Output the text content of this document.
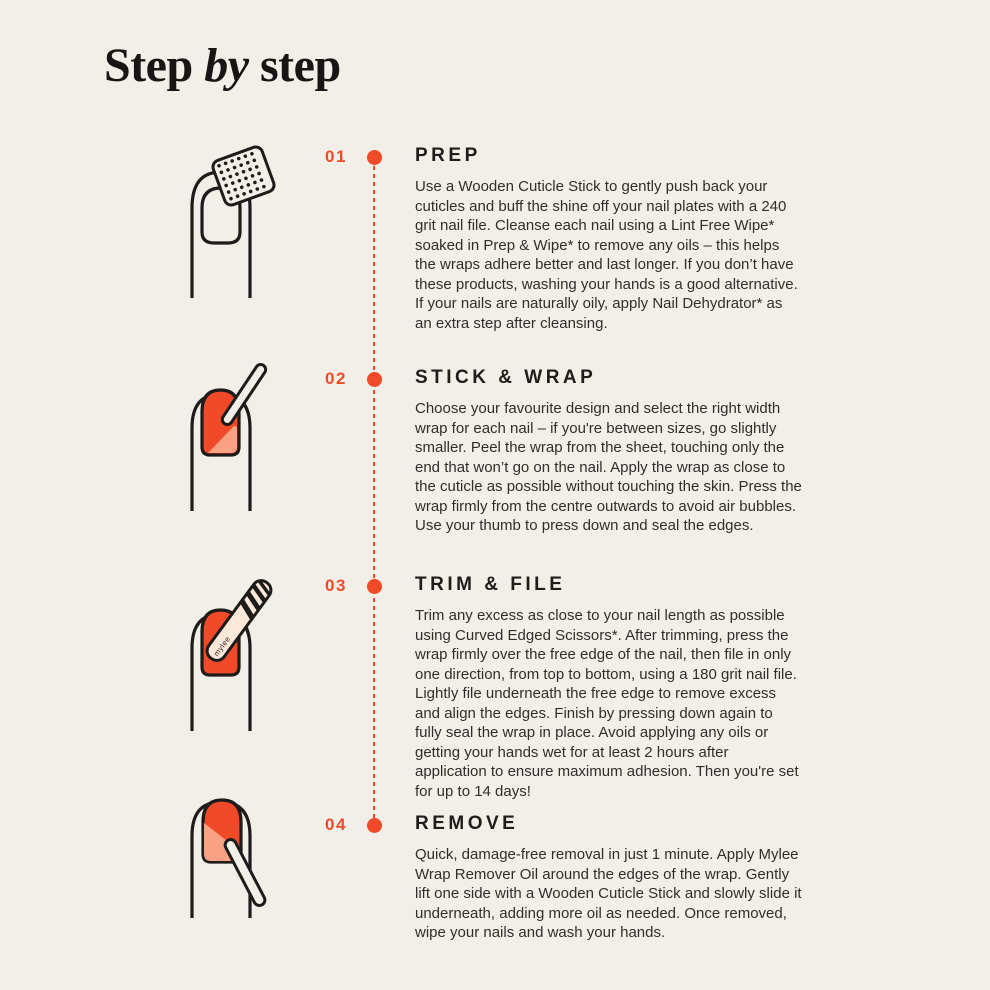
Step by step

01

02

03

04

PREP

Use a Wooden Cuticle Stick to gently push back your cuticles and buff the shine off your nail plates with a 240 grit nail file. Cleanse each nail using a Lint Free Wipe* soaked in Prep & Wipe* to remove any oils – this helps the wraps adhere better and last longer. If you don’t have these products, washing your hands is a good alternative. If your nails are naturally oily, apply Nail Dehydrator* as an extra step after cleansing.

STICK & WRAP

Choose your favourite design and select the right width wrap for each nail – if you're between sizes, go slightly smaller. Peel the wrap from the sheet, touching only the end that won’t go on the nail. Apply the wrap as close to the cuticle as possible without touching the skin. Press the wrap firmly from the centre outwards to avoid air bubbles. Use your thumb to press down and seal the edges.

TRIM & FILE

Trim any excess as close to your nail length as possible using Curved Edged Scissors*. After trimming, press the wrap firmly over the free edge of the nail, then file in only one direction, from top to bottom, using a 180 grit nail file. Lightly file underneath the free edge to remove excess and align the edges. Finish by pressing down again to fully seal the wrap in place. Avoid applying any oils or getting your hands wet for at least 2 hours after application to ensure maximum adhesion. Then you're set for up to 14 days!

REMOVE

Quick, damage-free removal in just 1 minute. Apply Mylee Wrap Remover Oil around the edges of the wrap. Gently lift one side with a Wooden Cuticle Stick and slowly slide it underneath, adding more oil as needed. Once removed, wipe your nails and wash your hands.

mylee
